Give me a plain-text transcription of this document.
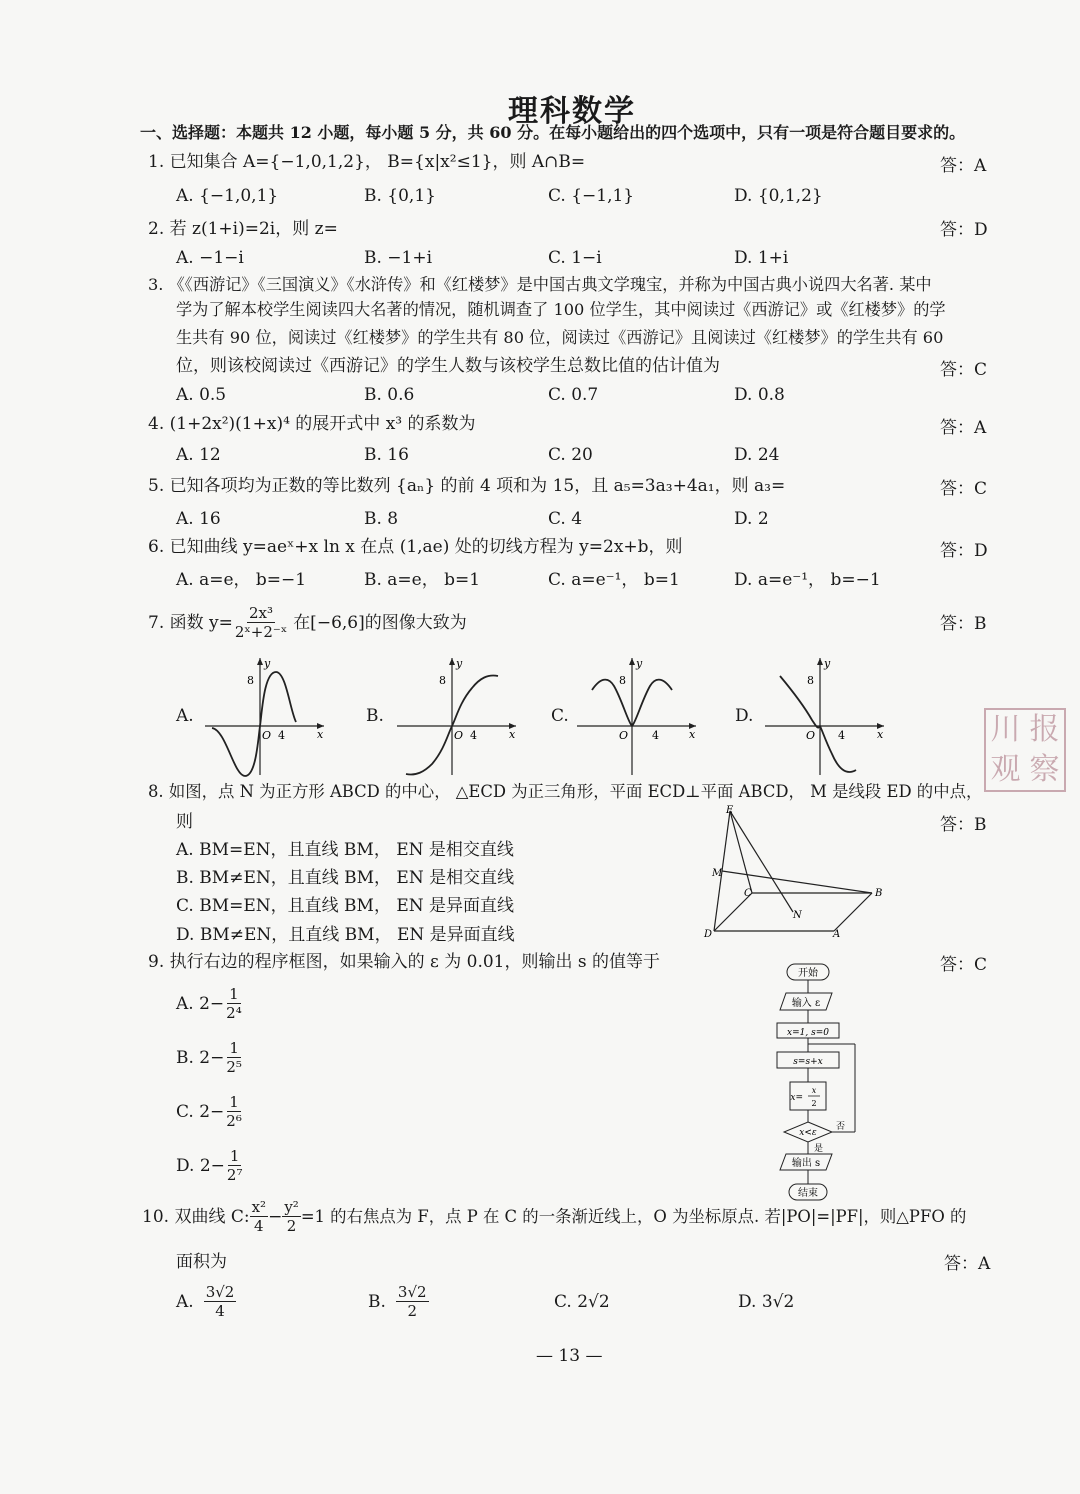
理科数学
一、选择题：本题共 12 小题，每小题 5 分，共 60 分。在每小题给出的四个选项中，只有一项是符合题目要求的。
1. 已知集合 A={−1,0,1,2}， B={x|x²≤1}，则 A∩B=	答：A
A. {−1,0,1}	B. {0,1}	C. {−1,1}	D. {0,1,2}
2. 若 z(1+i)=2i，则 z=	答：D
A. −1−i	B. −1+i	C. 1−i	D. 1+i
3. 《《西游记》《三国演义》《水浒传》和《红楼梦》是中国古典文学瑰宝，并称为中国古典小说四大名著. 某中
学为了解本校学生阅读四大名著的情况，随机调查了 100 位学生，其中阅读过《西游记》或《红楼梦》的学
生共有 90 位，阅读过《红楼梦》的学生共有 80 位，阅读过《西游记》且阅读过《红楼梦》的学生共有 60
位，则该校阅读过《西游记》的学生人数与该校学生总数比值的估计值为	答：C
A. 0.5	B. 0.6	C. 0.7	D. 0.8
4. (1+2x²)(1+x)⁴ 的展开式中 x³ 的系数为	答：A
A. 12	B. 16	C. 20	D. 24
5. 已知各项均为正数的等比数列 {aₙ} 的前 4 项和为 15，且 a₅=3a₃+4a₁，则 a₃=	答：C
A. 16	B. 8	C. 4	D. 2
6. 已知曲线 y=aeˣ+x ln x 在点 (1,ae) 处的切线方程为 y=2x+b，则	答：D
A. a=e， b=−1	B. a=e， b=1	C. a=e⁻¹， b=1	D. a=e⁻¹， b=−1
7. 函数 $y= \frac{\text{2x³}}{\text{2ˣ+2⁻ˣ}}$ 在[−6,6]的图像大致为	答：B
A.	B.	C.	D.
y
8
O 4	x
y
8
O 4	x
y
8
O 4	x
y
8
O 4	x	川 报
观 察
8. 如图，点 N 为正方形 ABCD 的中心， △ECD 为正三角形，平面 ECD⊥平面 ABCD， M 是线段 ED 的中点，
则	答：B
A. BM=EN，且直线 BM， EN 是相交直线
B. BM≠EN，且直线 BM， EN 是相交直线
C. BM=EN，且直线 BM， EN 是异面直线
D. BM≠EN，且直线 BM， EN 是异面直线
E
M
C	B
N
D	A
9. 执行右边的程序框图，如果输入的 ε 为 0.01，则输出 s 的值等于	答：C
A. $2- \frac{1}{\text{2⁴}}$
B. $2- \frac{1}{\text{2⁵}}$
C. $2- \frac{1}{\text{2⁶}}$
D. $2- \frac{1}{\text{2⁷}}$
开始
输入 ε
x=1, s=0
s=s+x
x=
x
2
x<ε
否
是
输出 s
结束
10. 双曲线 C: $\frac{\text{x²}}{4} - \frac{\text{y²}}{2} =1$ 的右焦点为 F，点 P 在 C 的一条渐近线上，O 为坐标原点. 若|PO|=|PF|，则△PFO 的
面积为	答：A
A. $\frac{3√2}{4}$	B. $\frac{3√2}{2}$	C. 2√2	D. 3√2
— 13 —
